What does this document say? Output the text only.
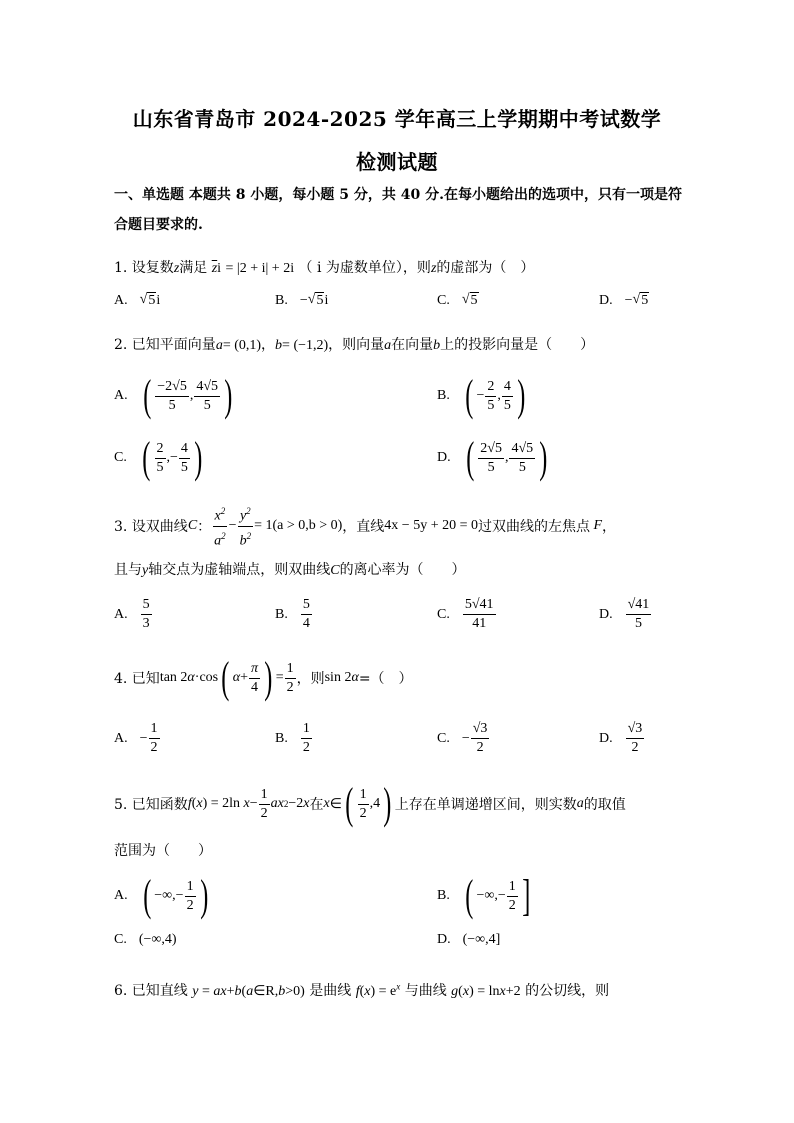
山东省青岛市 2024-2025 学年高三上学期期中考试数学
检测试题
一、单选题 本题共 8 小题，每小题 5 分，共 40 分.在每小题给出的选项中，只有一项是符合题目要求的.
1. 设复数z满足 $\overline{z}i = |2 + i| + 2i$ （ i 为虚数单位），则z的虚部为（　）
A. √ 5 i	B. − √ 5 i	C. √ 5	D. − √ 5
2. 已知平面向量a= (0,1)，b= (−1,2)，则向量a在向量b上的投影向量是（　　）
A. ( $\frac{-2√5}{5}$ , $\frac{4√5}{5}$ )	B. ( − $\frac{2}{5}$ , $\frac{4}{5}$ )
C. ( $\frac{2}{5}$ ,− $\frac{4}{5}$ )	D. ( $\frac{2√5}{5}$ , $\frac{4√5}{5}$ )
3. 设双曲线 C ： $\frac{x^2}{a^2} - \frac{y^2}{b^2} = 1(a > 0,b > 0)$ ，直线 4x − 5y + 20 = 0 过双曲线的左焦点 F ，
且与y轴交点为虚轴端点，则双曲线C的离心率为（　　）
A. $\frac{5}{3}$	B. $\frac{5}{4}$	C. $\frac{5√41}{41}$	D. $\frac{√41}{5}$
4. 已知 tan 2 α ·cos ( $\alpha + \frac{\pi}{4}$ ) = $\frac{1}{2}$ ，则 sin 2 α =（　）
A. − $\frac{1}{2}$	B. $\frac{1}{2}$	C. − $\frac{√3}{2}$	D. $\frac{√3}{2}$
5. 已知函数 f ( x ) = 2ln $x - \frac{1}{2}$ ax 2 −2 x 在 x ∈ ( $\frac{1}{2} ,4$ ) 上存在单调递增区间，则实数 a 的取值
范围为（　　）
A. ( −∞,− $\frac{1}{2}$ )	B. ( −∞,− $\frac{1}{2}$ ]
C. (−∞,4)	D. (−∞,4]
6. 已知直线 y = ax+b(a∈R,b>0) 是曲线 $f(x) = e^x$ 与曲线 g(x) = lnx+2 的公切线，则
